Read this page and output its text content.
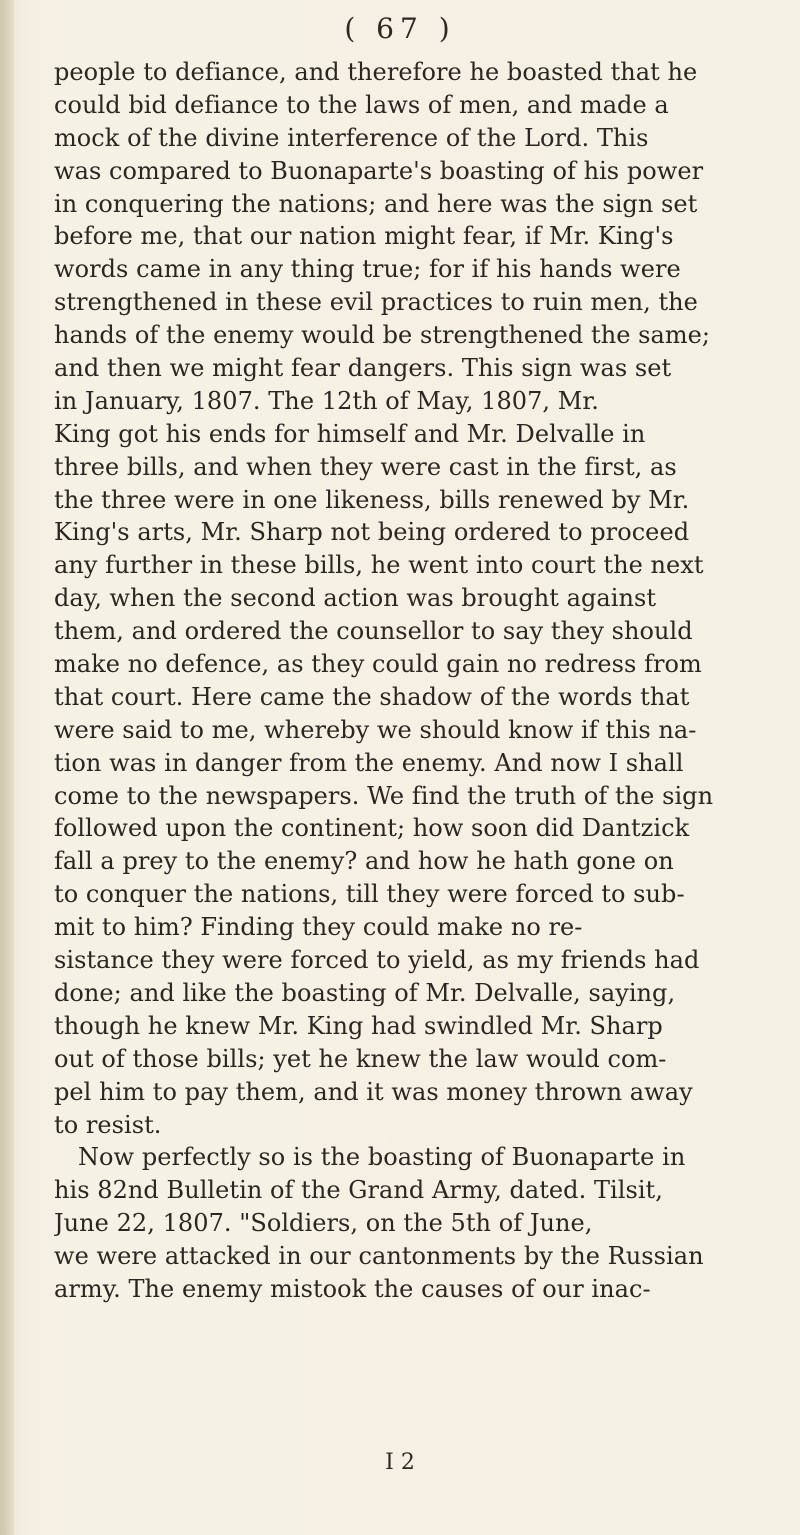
( 67 )
people to defiance, and therefore he boasted that he
could bid defiance to the laws of men, and made a
mock of the divine interference of the Lord. This
was compared to Buonaparte's boasting of his power
in conquering the nations; and here was the sign set
before me, that our nation might fear, if Mr. King's
words came in any thing true; for if his hands were
strengthened in these evil practices to ruin men, the
hands of the enemy would be strengthened the same;
and then we might fear dangers. This sign was set
in January, 1807. The 12th of May, 1807, Mr.
King got his ends for himself and Mr. Delvalle in
three bills, and when they were cast in the first, as
the three were in one likeness, bills renewed by Mr.
King's arts, Mr. Sharp not being ordered to proceed
any further in these bills, he went into court the next
day, when the second action was brought against
them, and ordered the counsellor to say they should
make no defence, as they could gain no redress from
that court. Here came the shadow of the words that
were said to me, whereby we should know if this na-
tion was in danger from the enemy. And now I shall
come to the newspapers. We find the truth of the sign
followed upon the continent; how soon did Dantzick
fall a prey to the enemy? and how he hath gone on
to conquer the nations, till they were forced to sub-
mit to him? Finding they could make no re-
sistance they were forced to yield, as my friends had
done; and like the boasting of Mr. Delvalle, saying,
though he knew Mr. King had swindled Mr. Sharp
out of those bills; yet he knew the law would com-
pel him to pay them, and it was money thrown away
to resist.
Now perfectly so is the boasting of Buonaparte in
his 82nd Bulletin of the Grand Army, dated. Tilsit,
June 22, 1807. "Soldiers, on the 5th of June,
we were attacked in our cantonments by the Russian
army. The enemy mistook the causes of our inac-
I 2
